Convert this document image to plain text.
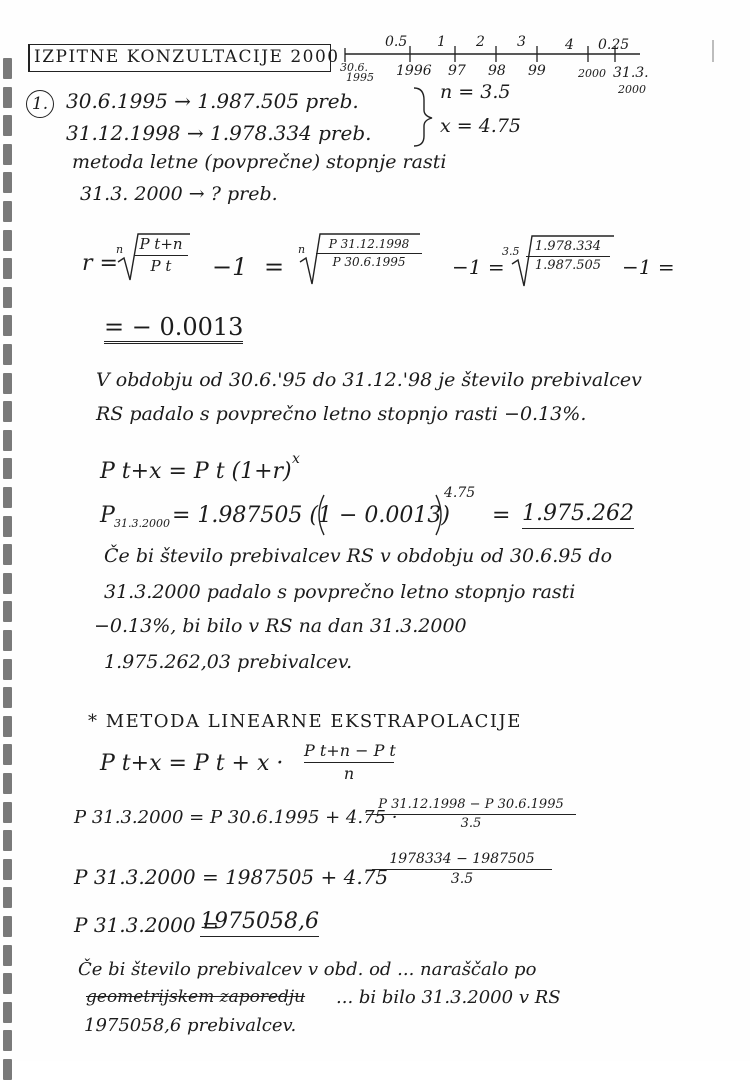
IZPITNE KONZULTACIJE 2000
0.5 1 2 3	4 0.25
30.6.
1995 1996 97 98 99	2000 31.3.
2000
1. 30.6.1995 → 1.987.505 preb.
31.12.1998 → 1.978.334 preb.
n = 3.5
x = 4.75
metoda letne (povprečne) stopnje rasti
31.3. 2000 → ? preb.
r =
n	P t+n
P t	−1 =
n	P 31.12.1998
P 30.6.1995	−1 =
3.5	1.978.334
1.987.505	−1 =
= − 0.0013
V obdobju od 30.6.'95 do 31.12.'98 je število prebivalcev
RS padalo s povprečno letno stopnjo rasti −0.13%.
P t+x = P t (1+r) x
P 31.3.2000 = 1.987505 (1 − 0.0013)
4.75
= 1.975.262
Če bi število prebivalcev RS v obdobju od 30.6.95 do
31.3.2000 padalo s povprečno letno stopnjo rasti
−0.13%, bi bilo v RS na dan 31.3.2000
1.975.262,03 prebivalcev.
* METODA LINEARNE EKSTRAPOLACIJE
P t+x = P t + x ·
P t+n − P t
n
P 31.3.2000 = P 30.6.1995 + 4.75 ·
P 31.12.1998 − P 30.6.1995
3.5
P 31.3.2000 = 1987505 + 4.75
1978334 − 1987505
3.5
P 31.3.2000 =
1975058,6
Če bi število prebivalcev v obd. od ... naraščalo po
geometrijskem zaporedju ... bi bilo 31.3.2000 v RS
1975058,6 prebivalcev.
